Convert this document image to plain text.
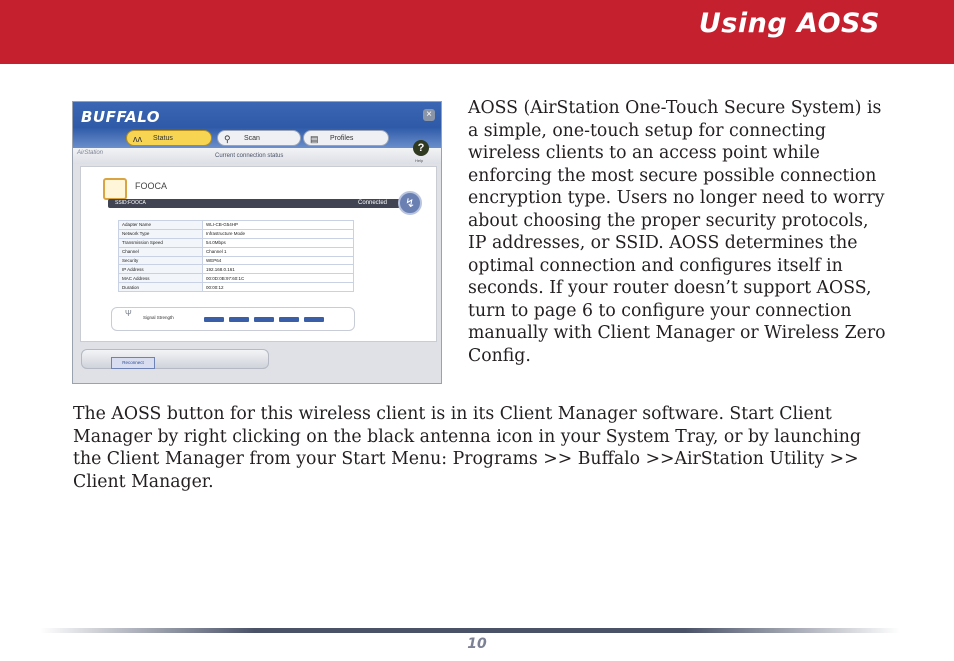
Using AOSS
BUFFALO	×
ᴧᴧ Status	⚲ Scan	▤ Profiles
AirStation	Current connection status
?
Help
FOOCA
SSID:FOOCA	Connected	↯
Adapter Name	WLI-CB-G54HP
Network Type	Infrastructure Mode
Transmission Speed	54.0Mbps
Channel	Channel 1
Security	WEP64
IP Address	192.168.0.161
MAC Address	00:0D:0B:97:60:1C
Duration	00:00:12
Ψ	Signal Strength
Reconnect
AOSS (AirStation One-Touch Secure System) is a simple, one-touch setup for connecting wireless clients to an access point while enforcing the most secure possible connection encryption type. Users no longer need to worry about choosing the proper security protocols, IP addresses, or SSID. AOSS determines the optimal connection and configures itself in seconds. If your router doesn’t support AOSS, turn to page 6 to configure your connection manually with Client Manager or Wireless Zero Config.
The AOSS button for this wireless client is in its Client Manager software. Start Client Manager by right clicking on the black antenna icon in your System Tray, or by launching the Client Manager from your Start Menu: Programs >> Buffalo >>AirStation Utility >> Client Manager.
10
